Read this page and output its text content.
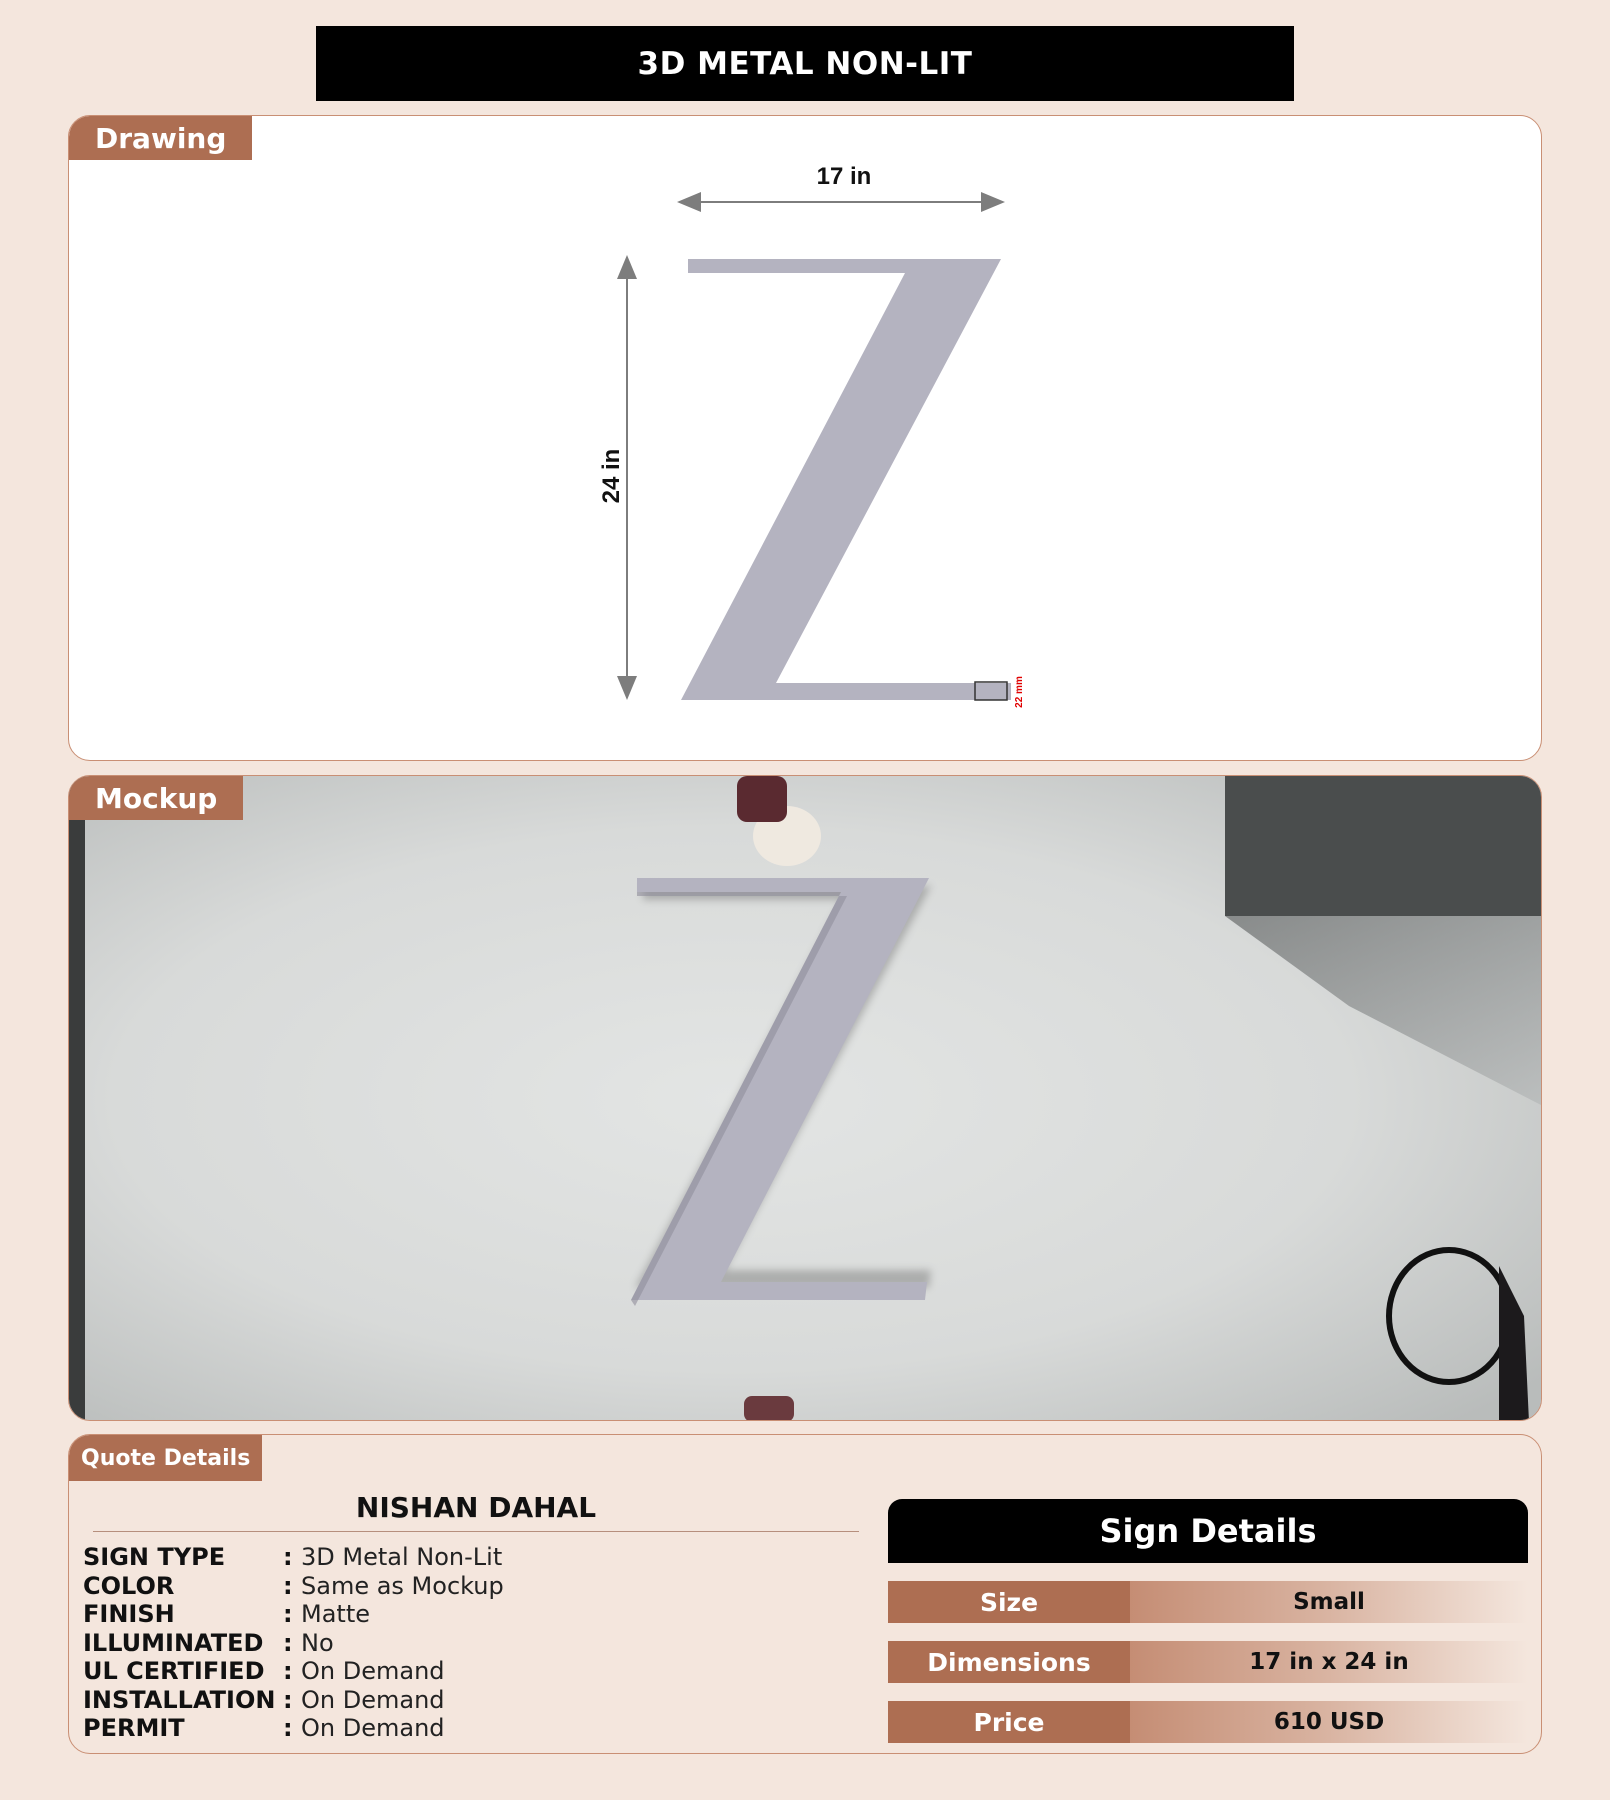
3D METAL NON-LIT
Drawing
17 in
24 in
22 mm
Mockup
Quote Details
NISHAN DAHAL
SIGN TYPE	: 3D Metal Non-Lit
COLOR	: Same as Mockup
FINISH	: Matte
ILLUMINATED : No
UL CERTIFIED : On Demand
INSTALLATION : On Demand
PERMIT	: On Demand
Sign Details
Size	Small
Dimensions	17 in x 24 in
Price	610 USD
